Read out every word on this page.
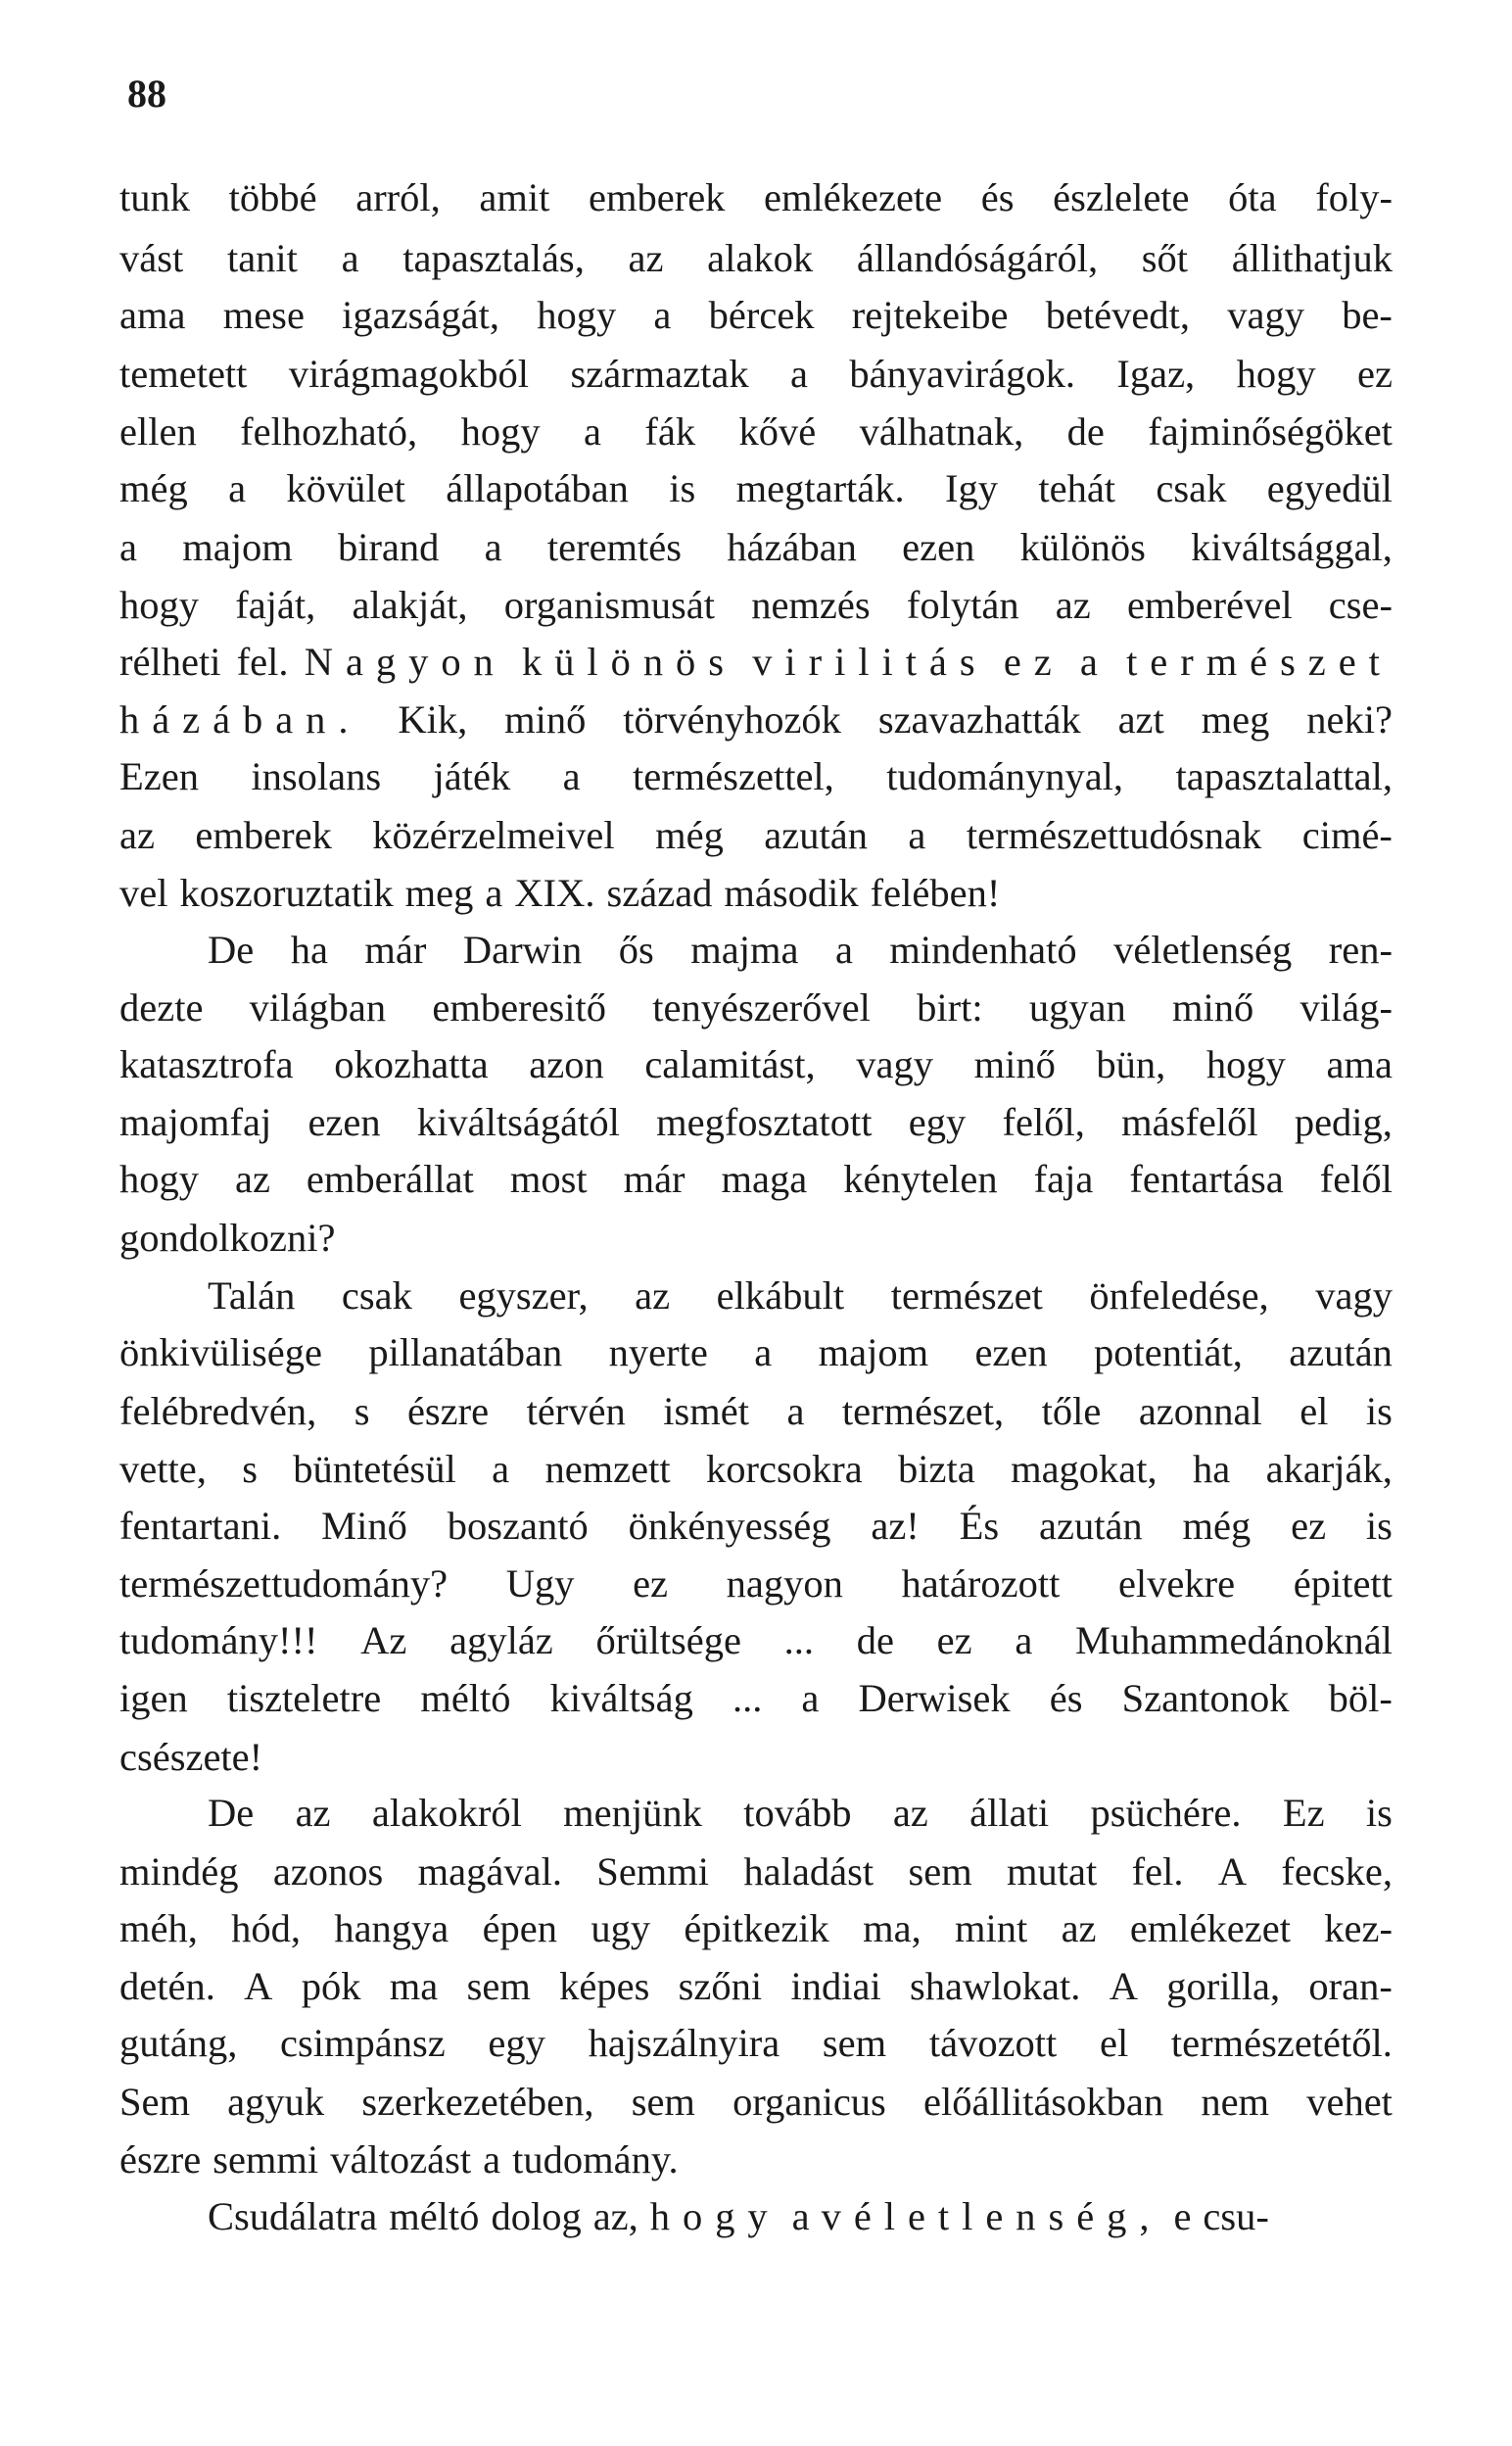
88
tunk többé arról, amit emberek emlékezete és észlelete óta foly-
vást tanit a tapasztalás, az alakok állandóságáról, sőt állithatjuk
ama mese igazságát, hogy a bércek rejtekeibe betévedt, vagy be-
temetett virágmagokból származtak a bányavirágok. Igaz, hogy ez
ellen felhozható, hogy a fák kővé válhatnak, de fajminőségöket
még a kövület állapotában is megtarták. Igy tehát csak egyedül
a majom birand a teremtés házában ezen különös kiváltsággal,
hogy faját, alakját, organismusát nemzés folytán az emberével cse-
rélheti fel. Nagyon különös virilitás ez a természet
házában. Kik, minő törvényhozók szavazhatták azt meg neki?
Ezen insolans játék a természettel, tudománynyal, tapasztalattal,
az emberek közérzelmeivel még azután a természettudósnak cimé-
vel koszoruztatik meg a XIX. század második felében!
De ha már Darwin ős majma a mindenható véletlenség ren-
dezte világban emberesitő tenyészerővel birt: ugyan minő világ-
katasztrofa okozhatta azon calamitást, vagy minő bün, hogy ama
majomfaj ezen kiváltságától megfosztatott egy felől, másfelől pedig,
hogy az emberállat most már maga kénytelen faja fentartása felől
gondolkozni?
Talán csak egyszer, az elkábult természet önfeledése, vagy
önkivülisége pillanatában nyerte a majom ezen potentiát, azután
felébredvén, s észre térvén ismét a természet, tőle azonnal el is
vette, s büntetésül a nemzett korcsokra bizta magokat, ha akarják,
fentartani. Minő boszantó önkényesség az! És azután még ez is
természettudomány? Ugy ez nagyon határozott elvekre épitett
tudomány!!! Az agyláz őrültsége ... de ez a Muhammedánoknál
igen tiszteletre méltó kiváltság ... a Derwisek és Szantonok böl-
csészete!
De az alakokról menjünk tovább az állati psüchére. Ez is
mindég azonos magával. Semmi haladást sem mutat fel. A fecske,
méh, hód, hangya épen ugy épitkezik ma, mint az emlékezet kez-
detén. A pók ma sem képes szőni indiai shawlokat. A gorilla, oran-
gutáng, csimpánsz egy hajszálnyira sem távozott el természetétől.
Sem agyuk szerkezetében, sem organicus előállitásokban nem vehet
észre semmi változást a tudomány.
Csudálatra méltó dolog az, hogy a véletlenség, e csu-
